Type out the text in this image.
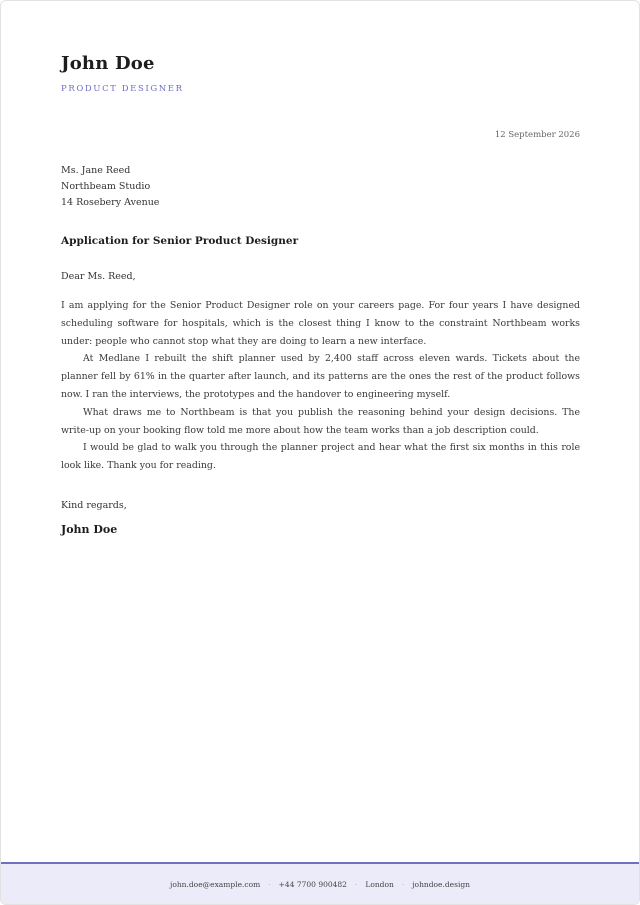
John Doe
PRODUCT DESIGNER
12 September 2026
Ms. Jane Reed
Northbeam Studio
14 Rosebery Avenue
Application for Senior Product Designer
Dear Ms. Reed,

I am applying for the Senior Product Designer role on your careers page. For four years I have designed scheduling software for hospitals, which is the closest thing I know to the constraint Northbeam works under: people who cannot stop what they are doing to learn a new interface.

At Medlane I rebuilt the shift planner used by 2,400 staff across eleven wards. Tickets about the planner fell by 61% in the quarter after launch, and its patterns are the ones the rest of the product follows now. I ran the interviews, the prototypes and the handover to engineering myself.

What draws me to Northbeam is that you publish the reasoning behind your design decisions. The write-up on your booking flow told me more about how the team works than a job description could.

I would be glad to walk you through the planner project and hear what the first six months in this role look like. Thank you for reading.

Kind regards,
John Doe
john.doe@example.com · +44 7700 900482 · London · johndoe.design
